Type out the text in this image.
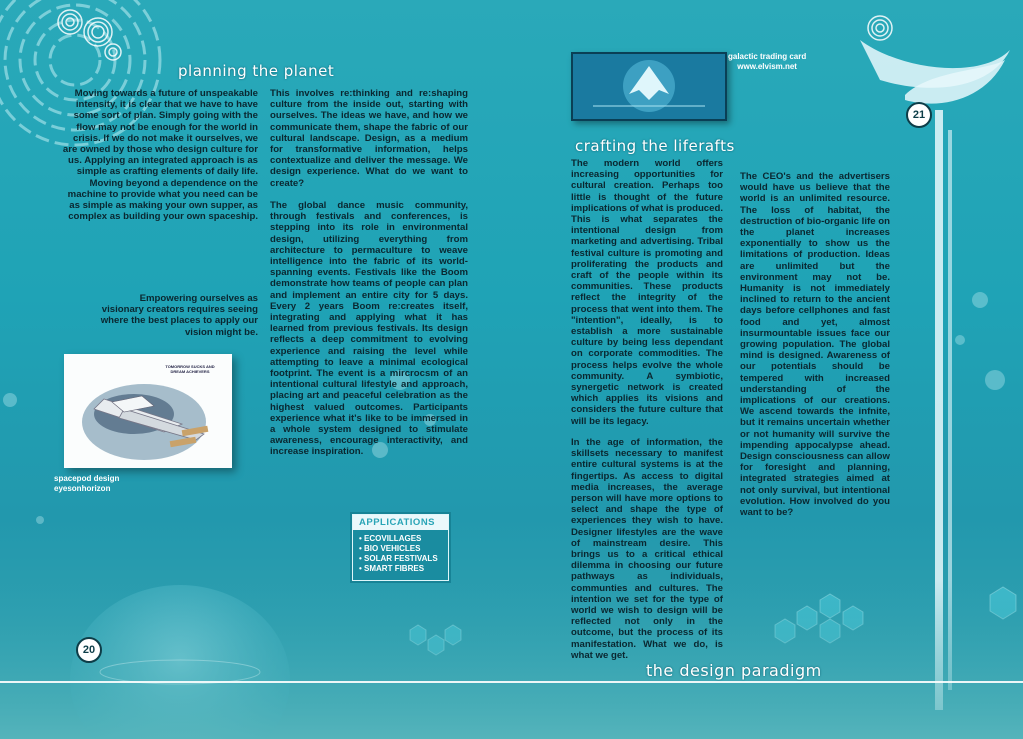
planning the planet

Moving towards a future of unspeakable intensity, it is clear that we have to have some sort of plan. Simply going with the flow may not be enough for the world in crisis. If we do not make it ourselves, we are owned by those who design culture for us. Applying an integrated approach is as simple as crafting elements of daily life. Moving beyond a dependence on the machine to provide what you need can be as simple as making your own supper, as complex as building your own spaceship.

Empowering ourselves as visionary creators requires seeing where the best places to apply our vision might be.

This involves re:thinking and re:shaping culture from the inside out, starting with ourselves. The ideas we have, and how we communicate them, shape the fabric of our cultural landscape. Design, as a medium for transformative information, helps contextualize and deliver the message. We design experience. What do we want to create?

The global dance music community, through festivals and conferences, is stepping into its role in environmental design, utilizing everything from architecture to permaculture to weave intelligence into the fabric of its world- spanning events. Festivals like the Boom demonstrate how teams of people can plan and implement an entire city for 5 days. Every 2 years Boom re:creates itself, integrating and applying what it has learned from previous festivals. Its design reflects a deep commitment to evolving experience and raising the level while attempting to leave a minimal ecological footprint. The event is a mircrocsm of an intentional cultural lifestyle and approach, placing art and peaceful celebration as the highest valued outcomes. Participants experience what it's like to be immersed in a whole system designed to stimulate awareness, encourage interactivity, and increase inspiration.

TOMORROW SUCKS AND DREAM ACHIEVERS
spacepod design
eyesonhorizon
APPLICATIONS
• ECOVILLAGES
• BIO VEHICLES
• SOLAR FESTIVALS
• SMART FIBRES
20
galactic trading card
www.elvism.net
crafting the liferafts

The modern world offers increasing opportunities for cultural creation. Perhaps too little is thought of the future implications of what is produced. This is what separates the intentional design from marketing and advertising. Tribal festival culture is promoting and proliferating the products and craft of the people within its communities. These products reflect the integrity of the process that went into them. The "intention", ideally, is to establish a more sustainable culture by being less dependant on corporate commodities. The process helps evolve the whole community. A symbiotic, synergetic network is created which applies its visions and considers the future culture that will be its legacy.

In the age of information, the skillsets necessary to manifest entire cultural systems is at the fingertips. As access to digital media increases, the average person will have more options to select and shape the type of experiences they wish to have. Designer lifestyles are the wave of mainstream desire. This brings us to a critical ethical dilemma in choosing our future pathways as individuals, communties and cultures. The intention we set for the type of world we wish to design will be reflected not only in the outcome, but the process of its manifestation. What we do, is what we get.

The CEO's and the advertisers would have us believe that the world is an unlimited resource. The loss of habitat, the destruction of bio-organic life on the planet increases exponentially to show us the limitations of production. Ideas are unlimited but the environment may not be. Humanity is not immediately inclined to return to the ancient days before cellphones and fast food and yet, almost insurmountable issues face our growing population. The global mind is designed. Awareness of our potentials should be tempered with increased understanding of the implications of our creations. We ascend towards the infnite, but it remains uncertain whether or not humanity will survive the impending appocalypse ahead. Design consciousness can allow for foresight and planning, integrated strategies aimed at not only survival, but intentional evolution. How involved do you want to be?

21
the design paradigm
